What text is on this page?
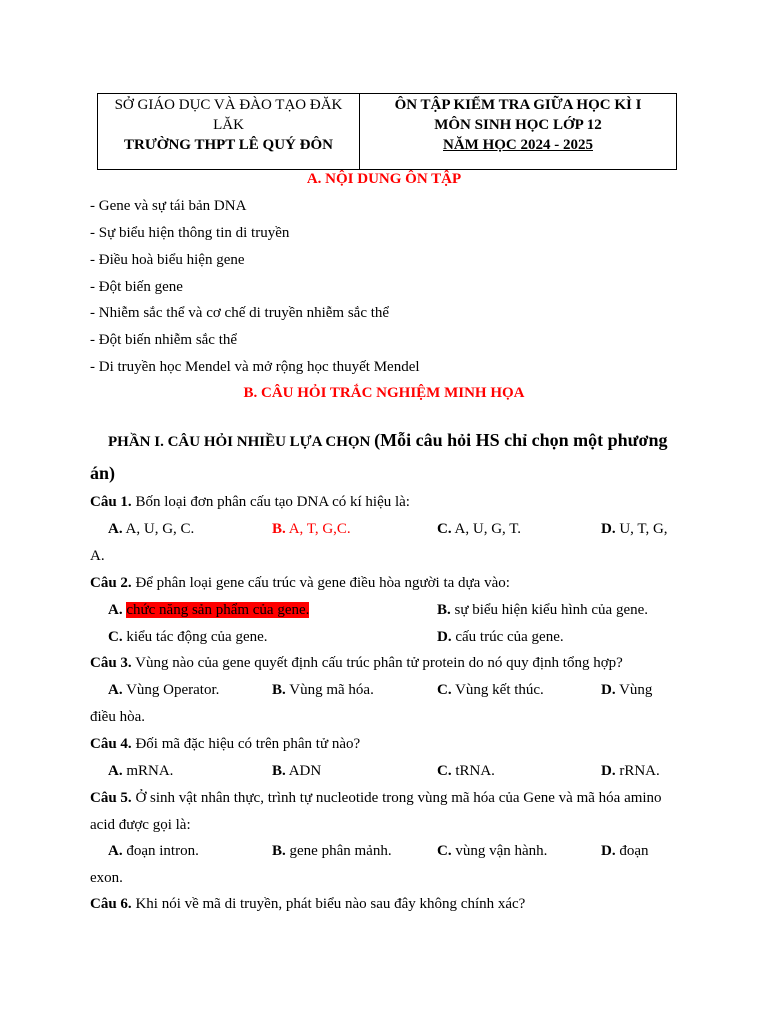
SỞ GIÁO DỤC VÀ ĐÀO TẠO ĐĂK
LĂK
TRƯỜNG THPT LÊ QUÝ ĐÔN
ÔN TẬP KIỂM TRA GIỮA HỌC KÌ I
MÔN SINH HỌC LỚP 12
NĂM HỌC 2024 - 2025
A. NỘI DUNG ÔN TẬP
- Gene và sự tái bản DNA
- Sự biểu hiện thông tin di truyền
- Điều hoà biểu hiện gene
- Đột biến gene
- Nhiễm sắc thể và cơ chế di truyền nhiễm sắc thể
- Đột biến nhiễm sắc thể
- Di truyền học Mendel và mở rộng học thuyết Mendel
B. CÂU HỎI TRẮC NGHIỆM MINH HỌA
PHẦN I. CÂU HỎI NHIỀU LỰA CHỌN (Mỗi câu hỏi HS chỉ chọn một phương
án)
Câu 1. Bốn loại đơn phân cấu tạo DNA có kí hiệu là:
A. A, U, G, C.	B. A, T, G,C.	C. A, U, G, T.	D. U, T, G,
A.
Câu 2. Để phân loại gene cấu trúc và gene điều hòa người ta dựa vào:
A. chức năng sản phẩm của gene.	B. sự biểu hiện kiểu hình của gene.
C. kiểu tác động của gene.	D. cấu trúc của gene.
Câu 3. Vùng nào của gene quyết định cấu trúc phân tử protein do nó quy định tổng hợp?
A. Vùng Operator.	B. Vùng mã hóa.	C. Vùng kết thúc.	D. Vùng
điều hòa.
Câu 4. Đối mã đặc hiệu có trên phân tử nào?
A. mRNA.	B. ADN	C. tRNA.	D. rRNA.
Câu 5. Ở sinh vật nhân thực, trình tự nucleotide trong vùng mã hóa của Gene và mã hóa amino
acid được gọi là:
A. đoạn intron.	B. gene phân mảnh.	C. vùng vận hành.	D. đoạn
exon.
Câu 6. Khi nói về mã di truyền, phát biểu nào sau đây không chính xác?
